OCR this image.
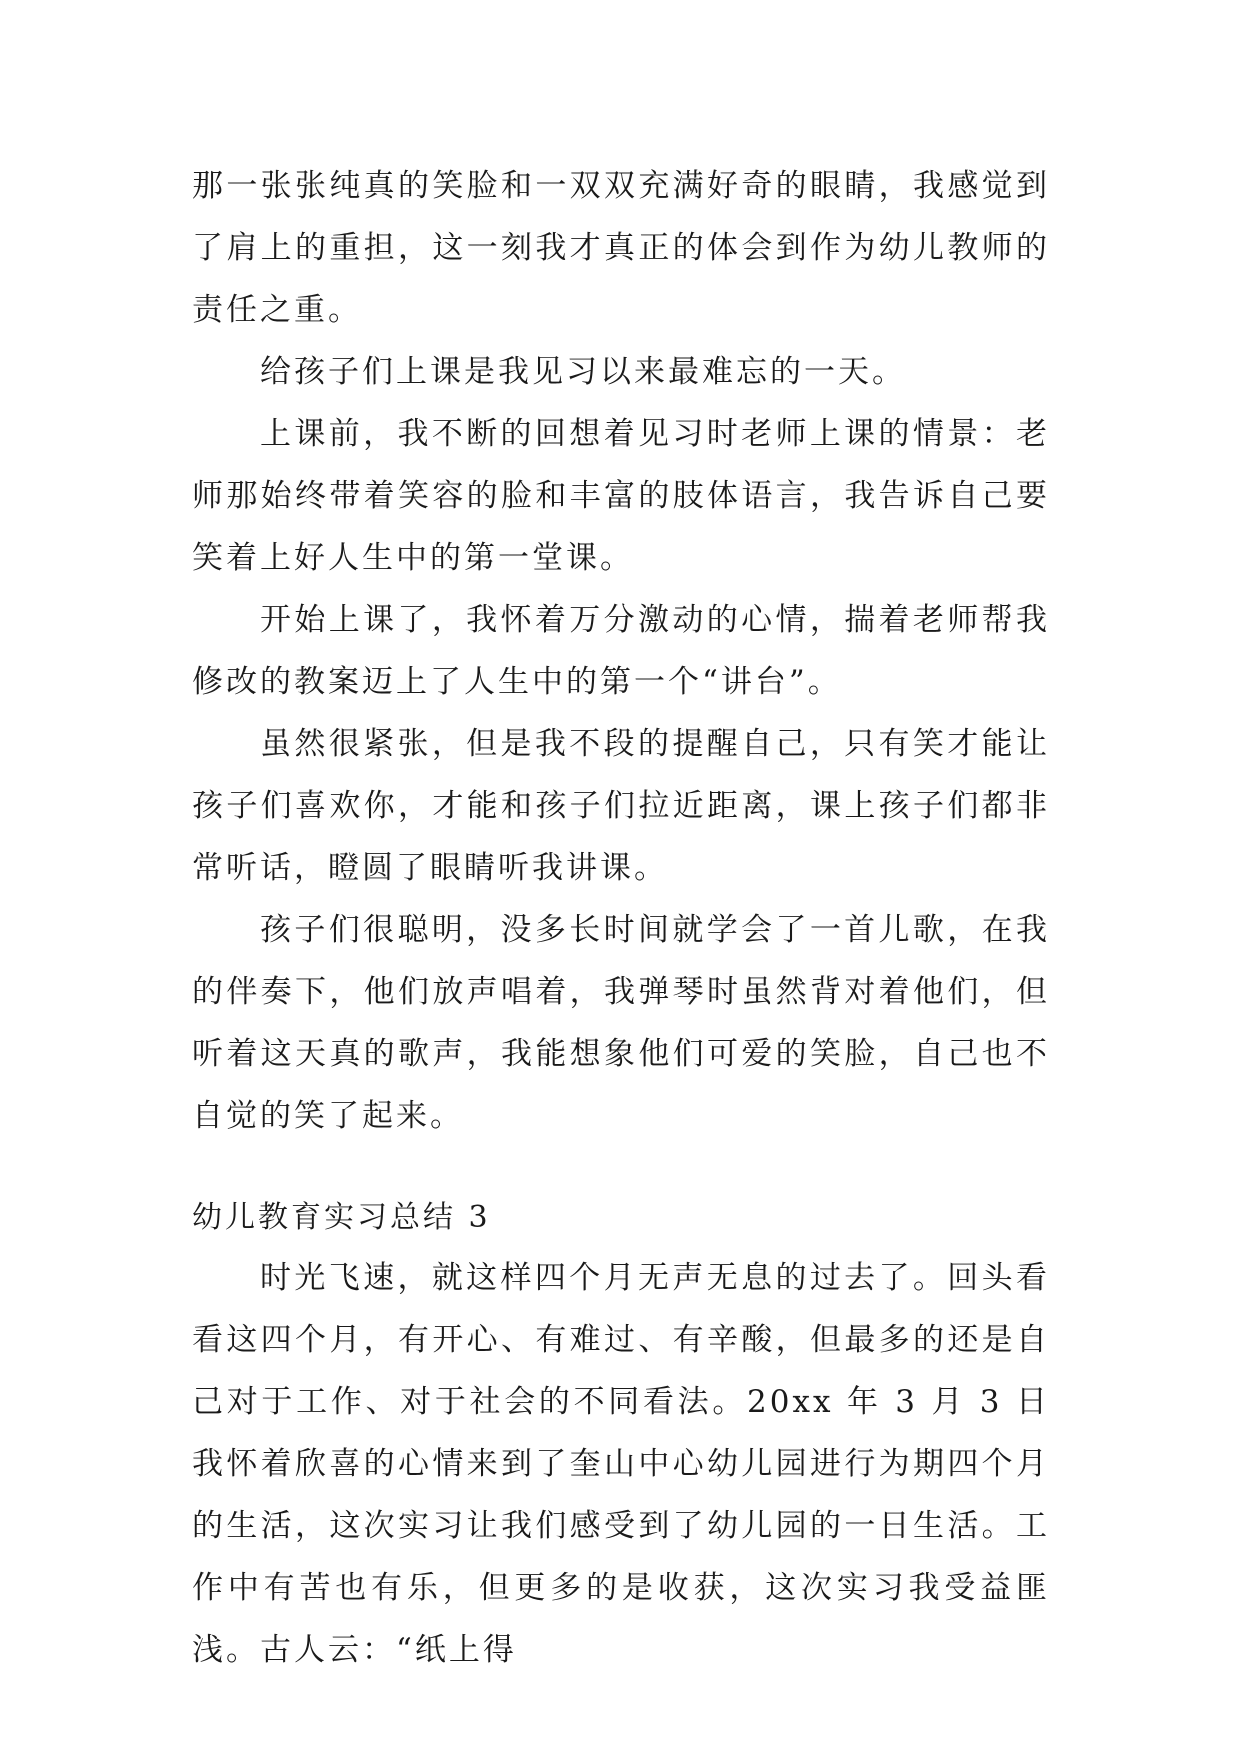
那一张张纯真的笑脸和一双双充满好奇的眼睛，我感觉到了肩上的重担，这一刻我才真正的体会到作为幼儿教师的责任之重。

给孩子们上课是我见习以来最难忘的一天。

上课前，我不断的回想着见习时老师上课的情景：老师那始终带着笑容的脸和丰富的肢体语言，我告诉自己要笑着上好人生中的第一堂课。

开始上课了，我怀着万分激动的心情，揣着老师帮我修改的教案迈上了人生中的第一个“讲台”。

虽然很紧张，但是我不段的提醒自己，只有笑才能让孩子们喜欢你，才能和孩子们拉近距离，课上孩子们都非常听话，瞪圆了眼睛听我讲课。

孩子们很聪明，没多长时间就学会了一首儿歌，在我的伴奏下，他们放声唱着，我弹琴时虽然背对着他们，但听着这天真的歌声，我能想象他们可爱的笑脸，自己也不自觉的笑了起来。

幼儿教育实习总结 3

时光飞速，就这样四个月无声无息的过去了。回头看看这四个月，有开心、有难过、有辛酸，但最多的还是自己对于工作、对于社会的不同看法。20xx 年 3 月 3 日我怀着欣喜的心情来到了奎山中心幼儿园进行为期四个月的生活，这次实习让我们感受到了幼儿园的一日生活。工作中有苦也有乐，但更多的是收获，这次实习我受益匪浅。古人云：“纸上得
